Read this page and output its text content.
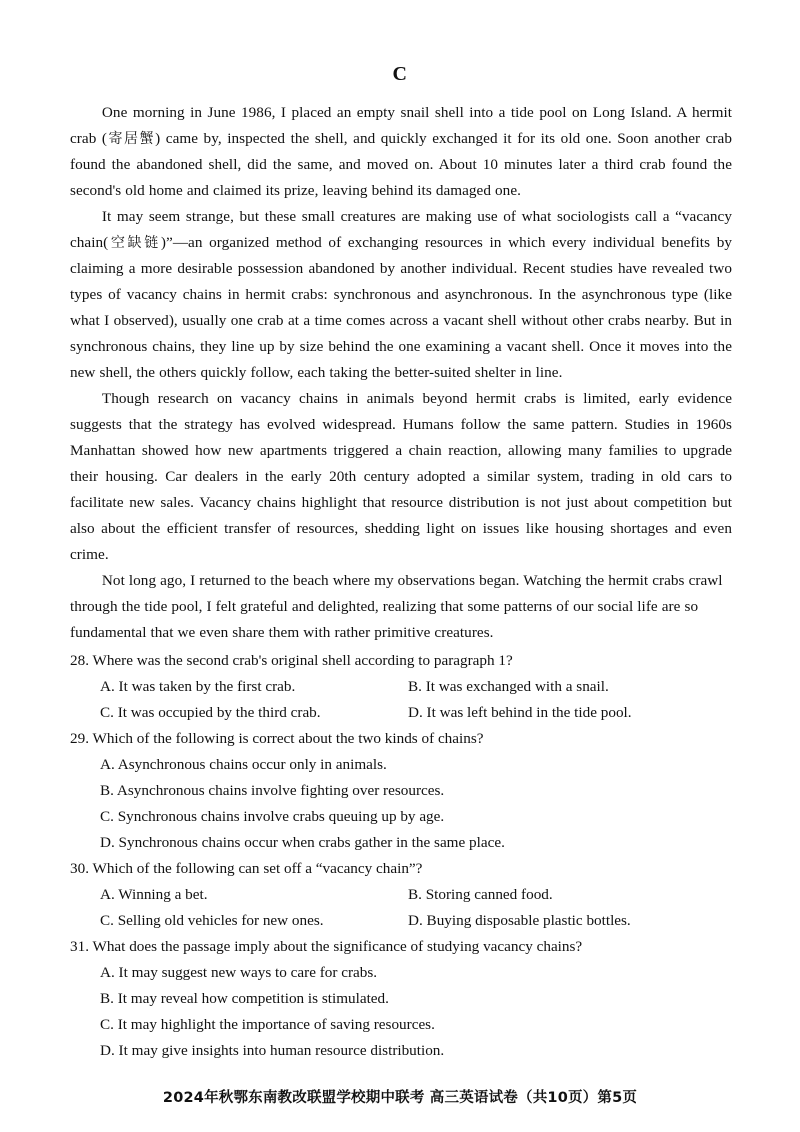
C

One morning in June 1986, I placed an empty snail shell into a tide pool on Long Island. A hermit crab (寄居蟹) came by, inspected the shell, and quickly exchanged it for its old one. Soon another crab found the abandoned shell, did the same, and moved on. About 10 minutes later a third crab found the second's old home and claimed its prize, leaving behind its damaged one.

It may seem strange, but these small creatures are making use of what sociologists call a “vacancy chain(空缺链)”—an organized method of exchanging resources in which every individual benefits by claiming a more desirable possession abandoned by another individual. Recent studies have revealed two types of vacancy chains in hermit crabs: synchronous and asynchronous. In the asynchronous type (like what I observed), usually one crab at a time comes across a vacant shell without other crabs nearby. But in synchronous chains, they line up by size behind the one examining a vacant shell. Once it moves into the new shell, the others quickly follow, each taking the better-suited shelter in line.

Though research on vacancy chains in animals beyond hermit crabs is limited, early evidence suggests that the strategy has evolved widespread. Humans follow the same pattern. Studies in 1960s Manhattan showed how new apartments triggered a chain reaction, allowing many families to upgrade their housing. Car dealers in the early 20th century adopted a similar system, trading in old cars to facilitate new sales. Vacancy chains highlight that resource distribution is not just about competition but also about the efficient transfer of resources, shedding light on issues like housing shortages and even crime.

Not long ago, I returned to the beach where my observations began. Watching the hermit crabs crawl through the tide pool, I felt grateful and delighted, realizing that some patterns of our social life are so fundamental that we even share them with rather primitive creatures.

28. Where was the second crab's original shell according to paragraph 1?
A. It was taken by the first crab.	B. It was exchanged with a snail.
C. It was occupied by the third crab.	D. It was left behind in the tide pool.
29. Which of the following is correct about the two kinds of chains?
A. Asynchronous chains occur only in animals.
B. Asynchronous chains involve fighting over resources.
C. Synchronous chains involve crabs queuing up by age.
D. Synchronous chains occur when crabs gather in the same place.
30. Which of the following can set off a “vacancy chain”?
A. Winning a bet.	B. Storing canned food.
C. Selling old vehicles for new ones.	D. Buying disposable plastic bottles.
31. What does the passage imply about the significance of studying vacancy chains?
A. It may suggest new ways to care for crabs.
B. It may reveal how competition is stimulated.
C. It may highlight the importance of saving resources.
D. It may give insights into human resource distribution.
2024年秋鄂东南教改联盟学校期中联考 高三英语试卷（共10页）第5页
